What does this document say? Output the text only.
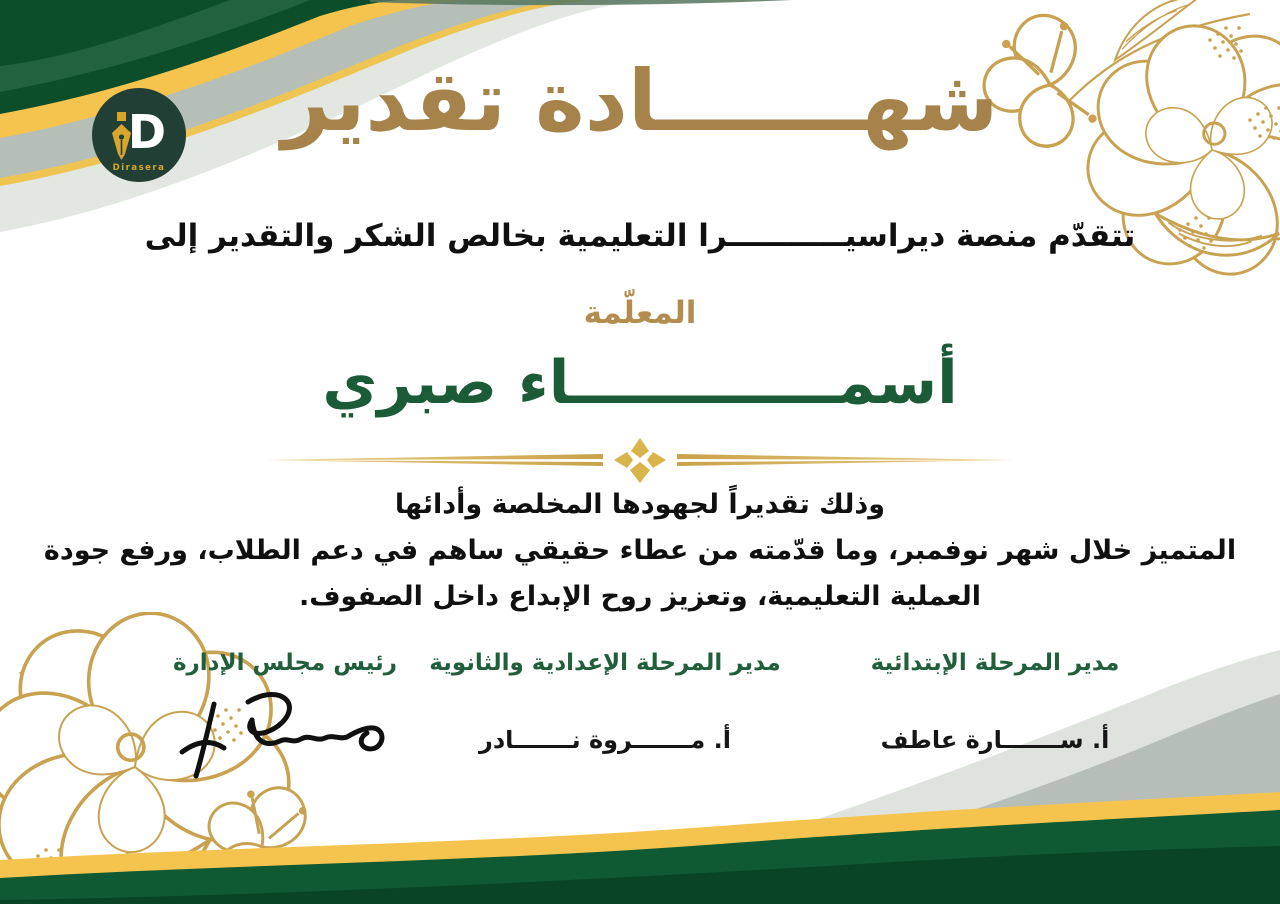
D
Dirasera
شهـــــــادة تقدير
تتقدّم منصة ديراسيـــــــــــرا التعليمية بخالص الشكر والتقدير إلى
المعلّمة
أسمـــــــــــــاء صبري
وذلك تقديراً لجهودها المخلصة وأدائها
المتميز خلال شهر نوفمبر، وما قدّمته من عطاء حقيقي ساهم في دعم الطلاب، ورفع جودة
العملية التعليمية، وتعزيز روح الإبداع داخل الصفوف.
مدير المرحلة الإبتدائية
أ. ســـــــارة عاطف
مدير المرحلة الإعدادية والثانوية
أ. مـــــــروة نـــــــادر
رئيس مجلس الإدارة
